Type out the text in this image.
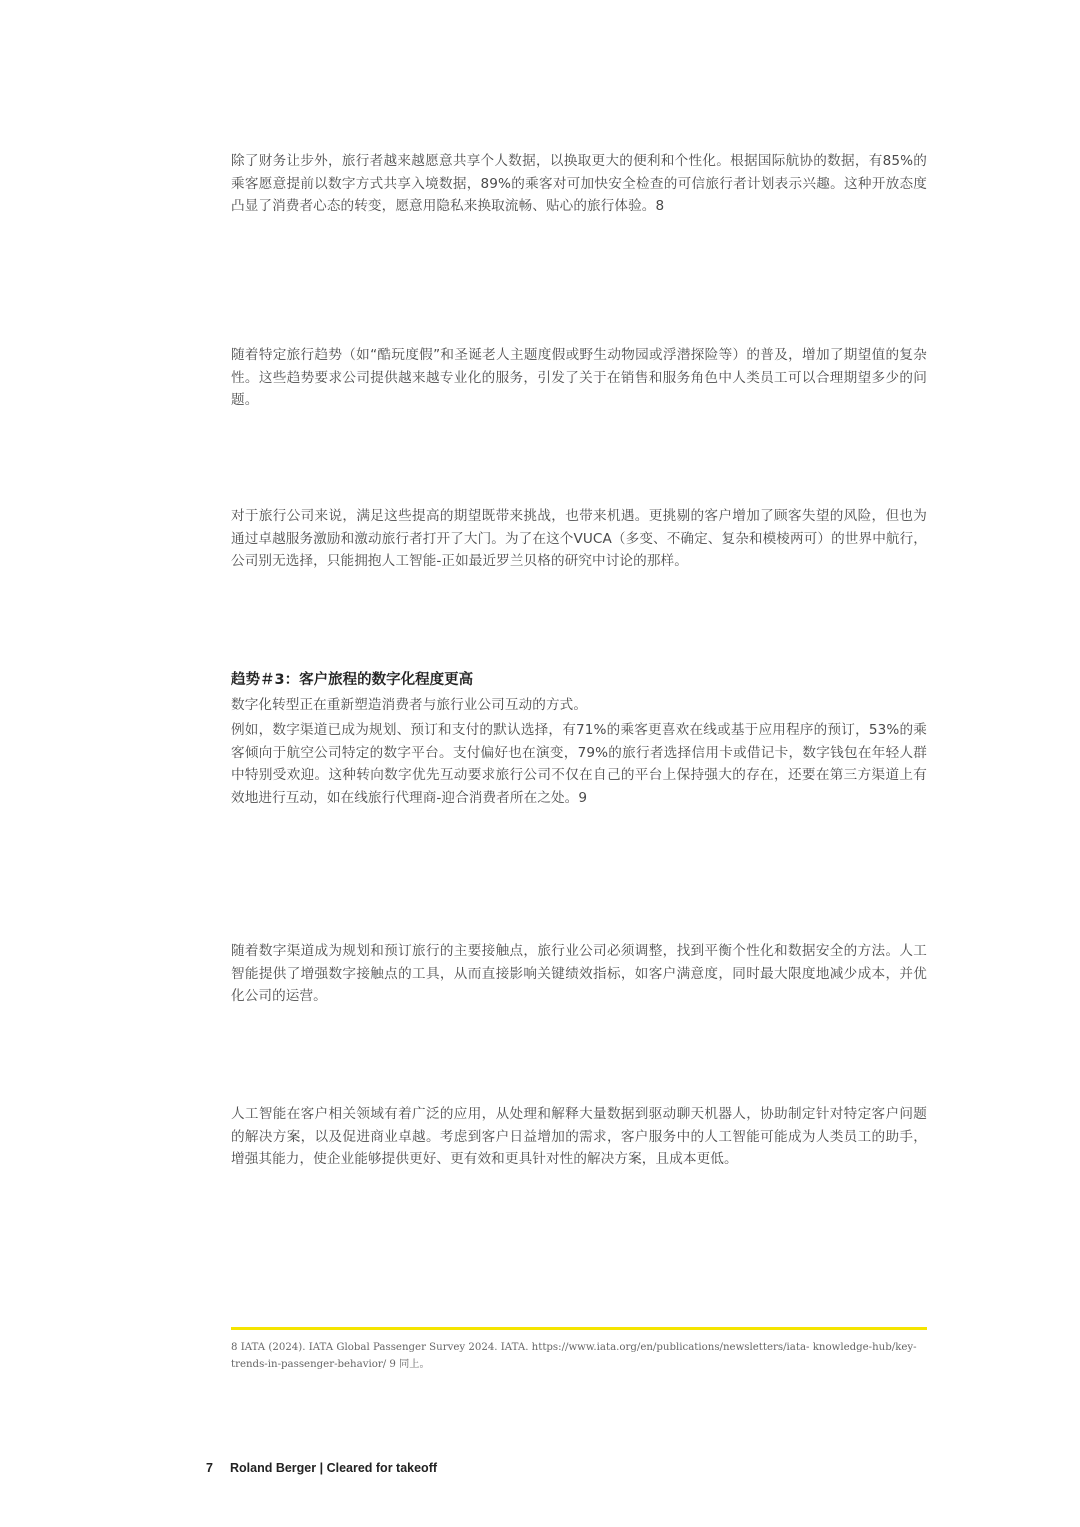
除了财务让步外，旅行者越来越愿意共享个人数据，以换取更大的便利和个性化。根据国际航协的数据，有85%的乘客愿意提前以数字方式共享入境数据，89%的乘客对可加快安全检查的可信旅行者计划表示兴趣。这种开放态度凸显了消费者心态的转变，愿意用隐私来换取流畅、贴心的旅行体验。8

随着特定旅行趋势（如“酷玩度假”和圣诞老人主题度假或野生动物园或浮潜探险等）的普及，增加了期望值的复杂性。这些趋势要求公司提供越来越专业化的服务，引发了关于在销售和服务角色中人类员工可以合理期望多少的问题。

对于旅行公司来说，满足这些提高的期望既带来挑战，也带来机遇。更挑剔的客户增加了顾客失望的风险，但也为通过卓越服务激励和激动旅行者打开了大门。为了在这个VUCA（多变、不确定、复杂和模棱两可）的世界中航行，公司别无选择，只能拥抱人工智能-正如最近罗兰贝格的研究中讨论的那样。

趋势＃3：客户旅程的数字化程度更高

数字化转型正在重新塑造消费者与旅行业公司互动的方式。

例如，数字渠道已成为规划、预订和支付的默认选择，有71%的乘客更喜欢在线或基于应用程序的预订，53%的乘客倾向于航空公司特定的数字平台。支付偏好也在演变，79%的旅行者选择信用卡或借记卡，数字钱包在年轻人群中特别受欢迎。这种转向数字优先互动要求旅行公司不仅在自己的平台上保持强大的存在，还要在第三方渠道上有效地进行互动，如在线旅行代理商-迎合消费者所在之处。9

随着数字渠道成为规划和预订旅行的主要接触点，旅行业公司必须调整，找到平衡个性化和数据安全的方法。人工智能提供了增强数字接触点的工具，从而直接影响关键绩效指标，如客户满意度，同时最大限度地减少成本，并优化公司的运营。

人工智能在客户相关领域有着广泛的应用，从处理和解释大量数据到驱动聊天机器人，协助制定针对特定客户问题的解决方案，以及促进商业卓越。考虑到客户日益增加的需求，客户服务中的人工智能可能成为人类员工的助手，增强其能力，使企业能够提供更好、更有效和更具针对性的解决方案，且成本更低。

8 IATA (2024). IATA Global Passenger Survey 2024. IATA. https://www.iata.org/en/publications/newsletters/iata- knowledge-hub/key-trends-in-passenger-behavior/ 9 同上。

7 Roland Berger | Cleared for takeoff
